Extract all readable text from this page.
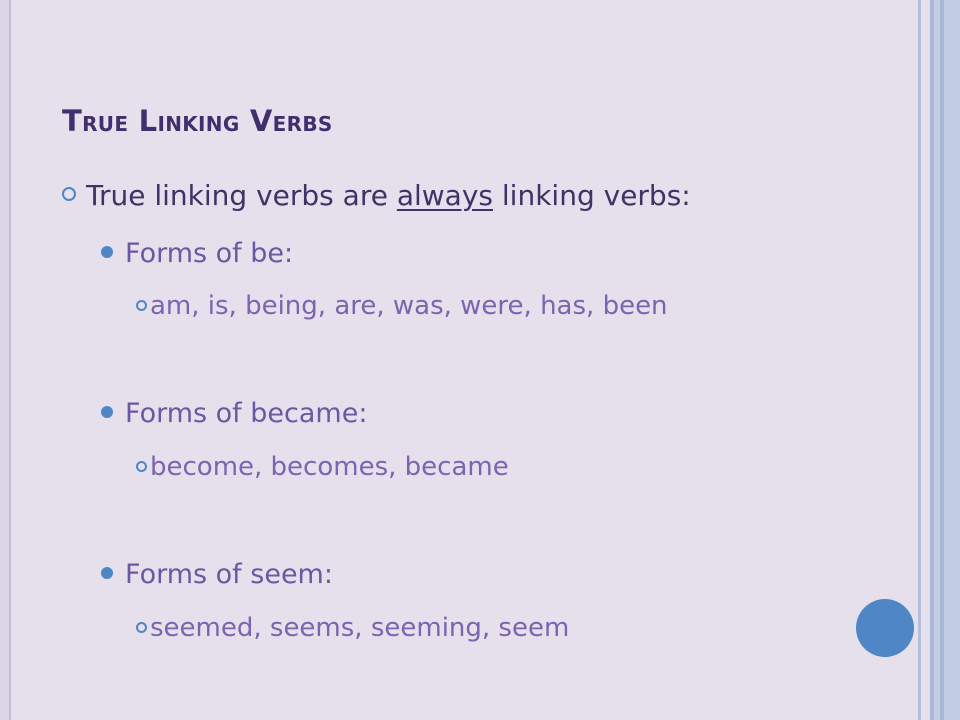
True Linking Verbs
True linking verbs are always linking verbs:
Forms of be:
am, is, being, are, was, were, has, been
Forms of became:
become, becomes, became
Forms of seem:
seemed, seems, seeming, seem
